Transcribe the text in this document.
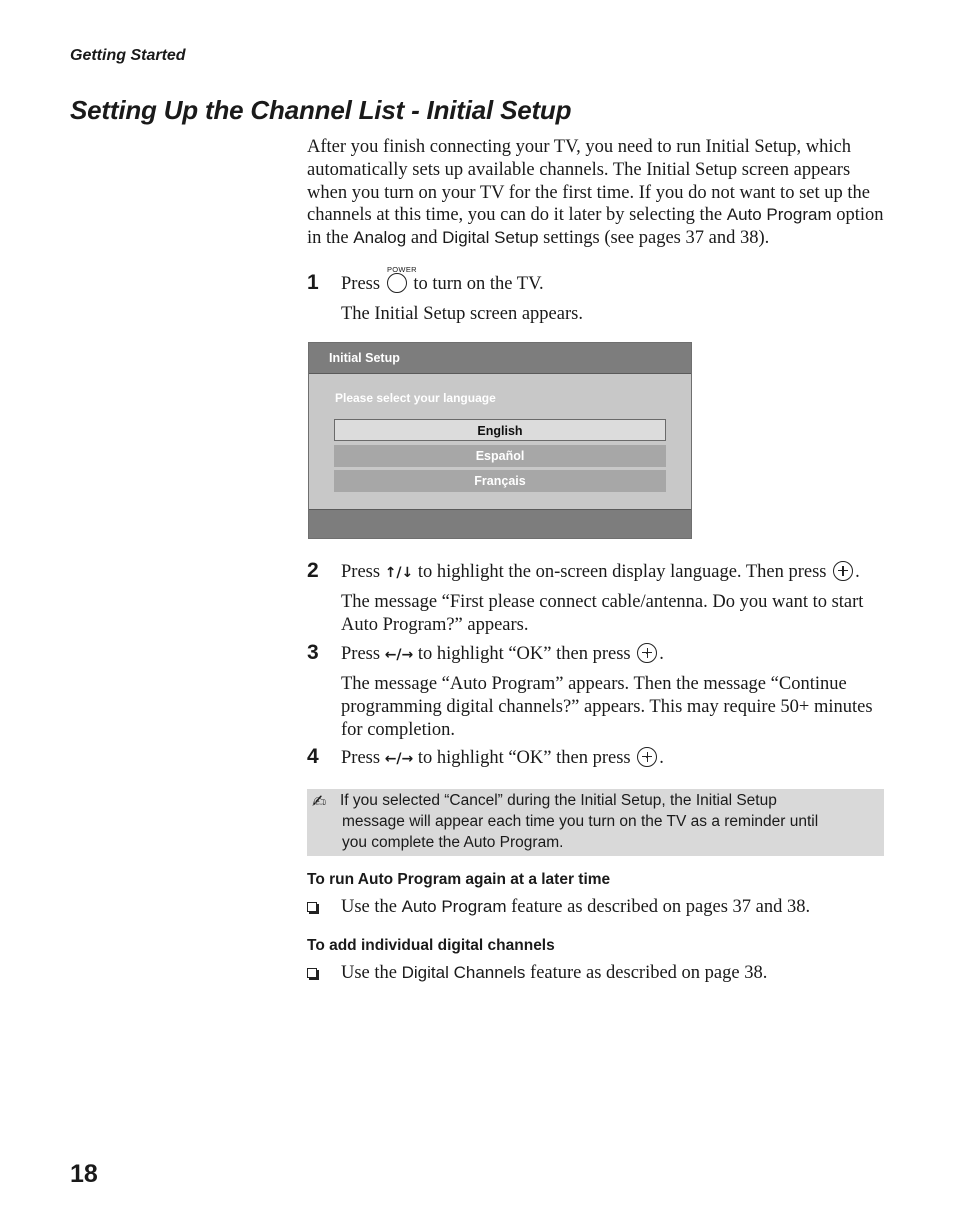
Getting Started
Setting Up the Channel List - Initial Setup
After you finish connecting your TV, you need to run Initial Setup, which automatically sets up available channels. The Initial Setup screen appears when you turn on your TV for the first time. If you do not want to set up the channels at this time, you can do it later by selecting the Auto Program option in the Analog and Digital Setup settings (see pages 37 and 38).
1
POWER
Press to turn on the TV.
The Initial Setup screen appears.
Initial Setup
Please select your language
English
Español
Français
2 Press ↑/↓ to highlight the on-screen display language. Then press .
The message “First please connect cable/antenna. Do you want to start Auto Program?” appears.
3 Press ←/→ to highlight “OK” then press .
The message “Auto Program” appears. Then the message “Continue programming digital channels?” appears. This may require 50+ minutes for completion.
4 Press ←/→ to highlight “OK” then press .
✍ If you selected “Cancel” during the Initial Setup, the Initial Setup
message will appear each time you turn on the TV as a reminder until
you complete the Auto Program.
To run Auto Program again at a later time
Use the Auto Program feature as described on pages 37 and 38.
To add individual digital channels
Use the Digital Channels feature as described on page 38.
18
